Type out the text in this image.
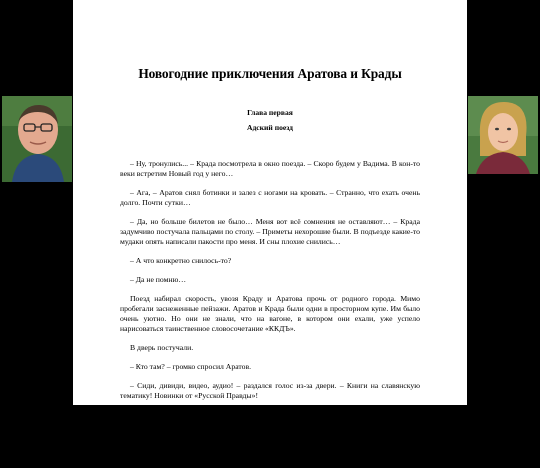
Новогодние приключения Аратова и Крады
Глава первая
Адский поезд

– Ну, тронулись... – Крада посмотрела в окно поезда. – Скоро будем у Вадима. В кон-то веки встретим Новый год у него…

– Ага, – Аратов снял ботинки и залез с ногами на кровать. – Странно, что ехать очень долго. Почти сутки…

– Да, но больше билетов не было… Меня вот всё сомнения не оставляют… – Крада задумчиво постучала пальцами по столу. – Приметы нехорошие были. В подъезде какие-то мудаки опять написали пакости про меня. И сны плохие снились…

– А что конкретно снилось-то?

– Да не помню…

Поезд набирал скорость, увозя Краду и Аратова прочь от родного города. Мимо пробегали заснеженные пейзажи. Аратов и Крада были одни в просторном купе. Им было очень уютно. Но они не знали, что на вагоне, в котором они ехали, уже успело нарисоваться таинственное словосочетание «ККДЪ».

В дверь постучали.

– Кто там? – громко спросил Аратов.

– Сиди, дивиди, видео, аудио! – раздался голос из-за двери. – Книги на славянскую тематику! Новинки от «Русской Правды»!

– Эээ… войдите! – Аратов заинтересованно уставился на появившуюся тележку, забитую дисками и книгами. Крада поморщилась.

– Новый альбом группы ТемноЗОГЪ! – провозгласил появившийся продавец – мужичок в
